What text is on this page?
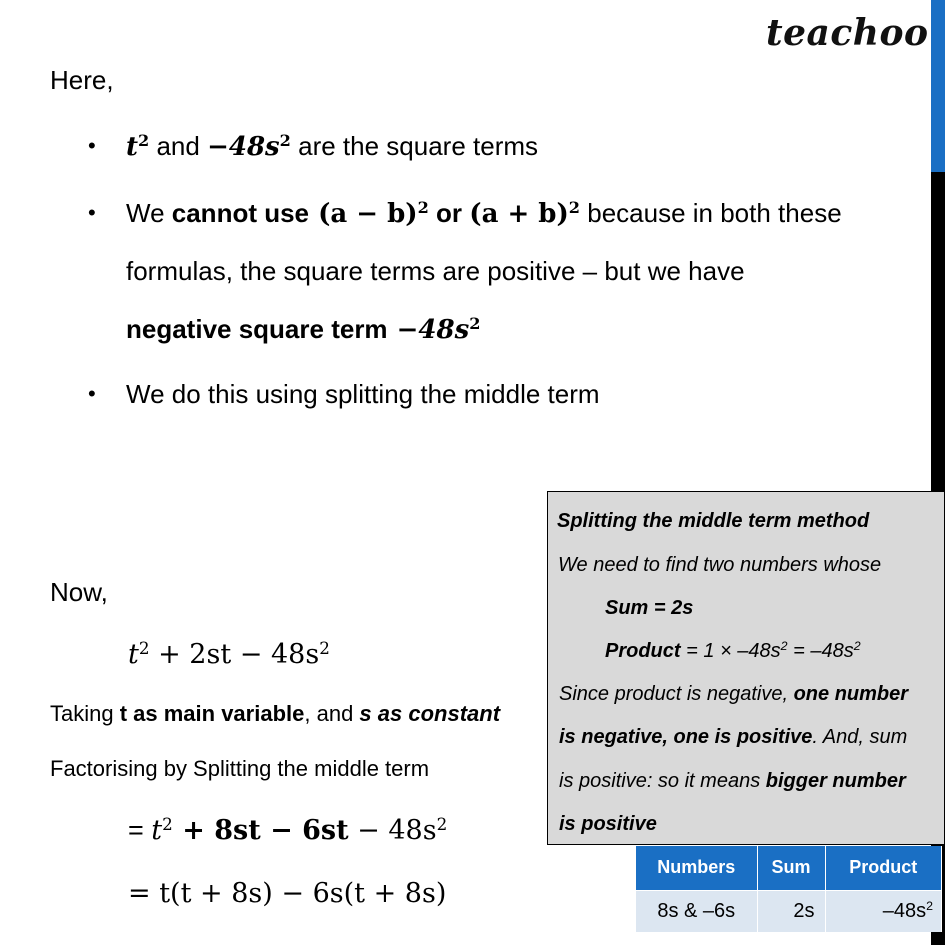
teachoo
Here,
• $t^2$ and $-48s^2$ are the square terms
• We cannot use $(a - b)^2$ or $(a + b)^2$ because in both these
formulas, the square terms are positive – but we have
negative square term $-48s^2$
• We do this using splitting the middle term
Now,
$t^2 + 2st - 48s^2$
Taking t as main variable, and s as constant
Factorising by Splitting the middle term
= $t^2 + 8st - 6st - 48s^2$
= t(t + 8s) − 6s(t + 8s)
Splitting the middle term method
We need to find two numbers whose
Sum = 2s
Product = $1 \times -48s^2 = -48s^2$
Since product is negative, one number
is negative, one is positive. And, sum
is positive: so it means bigger number
is positive
Numbers	Sum	Product
8s & –6s	2s	$-48s^2$
